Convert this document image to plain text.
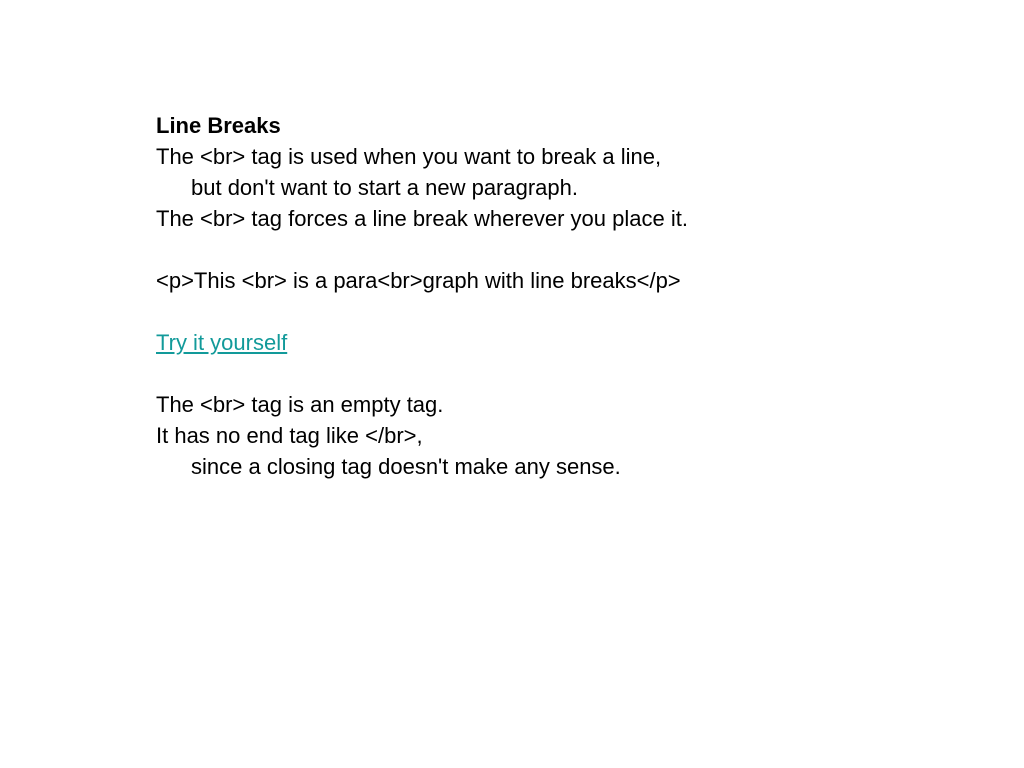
Line Breaks
The <br> tag is used when you want to break a line,
but don't want to start a new paragraph.
The <br> tag forces a line break wherever you place it.
<p>This <br> is a para<br>graph with line breaks</p>
Try it yourself
The <br> tag is an empty tag.
It has no end tag like </br>,
since a closing tag doesn't make any sense.
